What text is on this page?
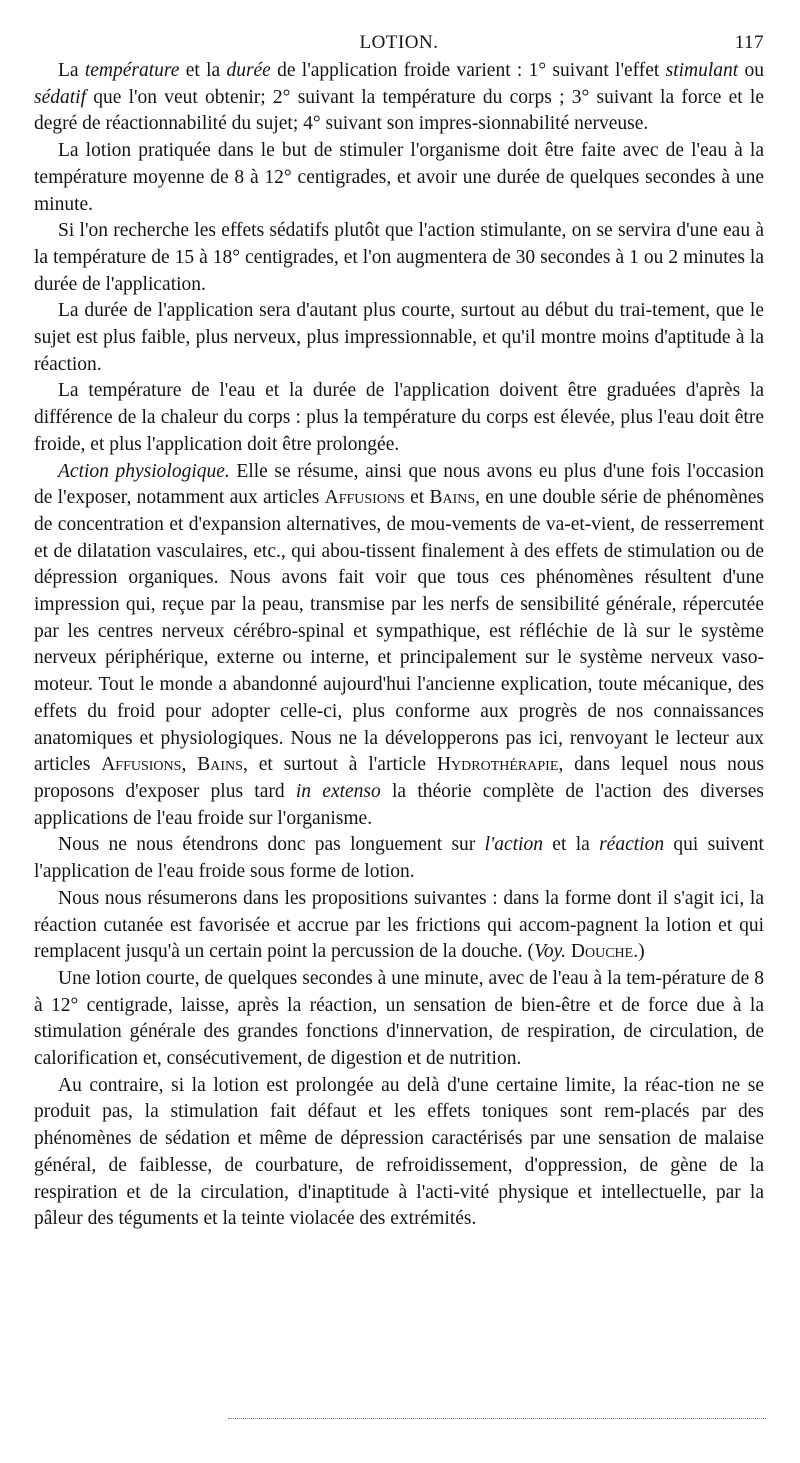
LOTION.	117

La température et la durée de l'application froide varient : 1° suivant l'effet stimulant ou sédatif que l'on veut obtenir; 2° suivant la température du corps ; 3° suivant la force et le degré de réactionnabilité du sujet; 4° suivant son impres-sionnabilité nerveuse.

La lotion pratiquée dans le but de stimuler l'organisme doit être faite avec de l'eau à la température moyenne de 8 à 12° centigrades, et avoir une durée de quelques secondes à une minute.

Si l'on recherche les effets sédatifs plutôt que l'action stimulante, on se servira d'une eau à la température de 15 à 18° centigrades, et l'on augmentera de 30 secondes à 1 ou 2 minutes la durée de l'application.

La durée de l'application sera d'autant plus courte, surtout au début du trai-tement, que le sujet est plus faible, plus nerveux, plus impressionnable, et qu'il montre moins d'aptitude à la réaction.

La température de l'eau et la durée de l'application doivent être graduées d'après la différence de la chaleur du corps : plus la température du corps est élevée, plus l'eau doit être froide, et plus l'application doit être prolongée.

Action physiologique. Elle se résume, ainsi que nous avons eu plus d'une fois l'occasion de l'exposer, notamment aux articles Affusions et Bains, en une double série de phénomènes de concentration et d'expansion alternatives, de mou-vements de va-et-vient, de resserrement et de dilatation vasculaires, etc., qui abou-tissent finalement à des effets de stimulation ou de dépression organiques. Nous avons fait voir que tous ces phénomènes résultent d'une impression qui, reçue par la peau, transmise par les nerfs de sensibilité générale, répercutée par les centres nerveux cérébro-spinal et sympathique, est réfléchie de là sur le système nerveux périphérique, externe ou interne, et principalement sur le système nerveux vaso-moteur. Tout le monde a abandonné aujourd'hui l'ancienne explication, toute mécanique, des effets du froid pour adopter celle-ci, plus conforme aux progrès de nos connaissances anatomiques et physiologiques. Nous ne la développerons pas ici, renvoyant le lecteur aux articles Affusions, Bains, et surtout à l'article Hydrothérapie, dans lequel nous nous proposons d'exposer plus tard in extenso la théorie complète de l'action des diverses applications de l'eau froide sur l'organisme.

Nous ne nous étendrons donc pas longuement sur l'action et la réaction qui suivent l'application de l'eau froide sous forme de lotion.

Nous nous résumerons dans les propositions suivantes : dans la forme dont il s'agit ici, la réaction cutanée est favorisée et accrue par les frictions qui accom-pagnent la lotion et qui remplacent jusqu'à un certain point la percussion de la douche. (Voy. Douche.)

Une lotion courte, de quelques secondes à une minute, avec de l'eau à la tem-pérature de 8 à 12° centigrade, laisse, après la réaction, un sensation de bien-être et de force due à la stimulation générale des grandes fonctions d'innervation, de respiration, de circulation, de calorification et, consécutivement, de digestion et de nutrition.

Au contraire, si la lotion est prolongée au delà d'une certaine limite, la réac-tion ne se produit pas, la stimulation fait défaut et les effets toniques sont rem-placés par des phénomènes de sédation et même de dépression caractérisés par une sensation de malaise général, de faiblesse, de courbature, de refroidissement, d'oppression, de gène de la respiration et de la circulation, d'inaptitude à l'acti-vité physique et intellectuelle, par la pâleur des téguments et la teinte violacée des extrémités.
